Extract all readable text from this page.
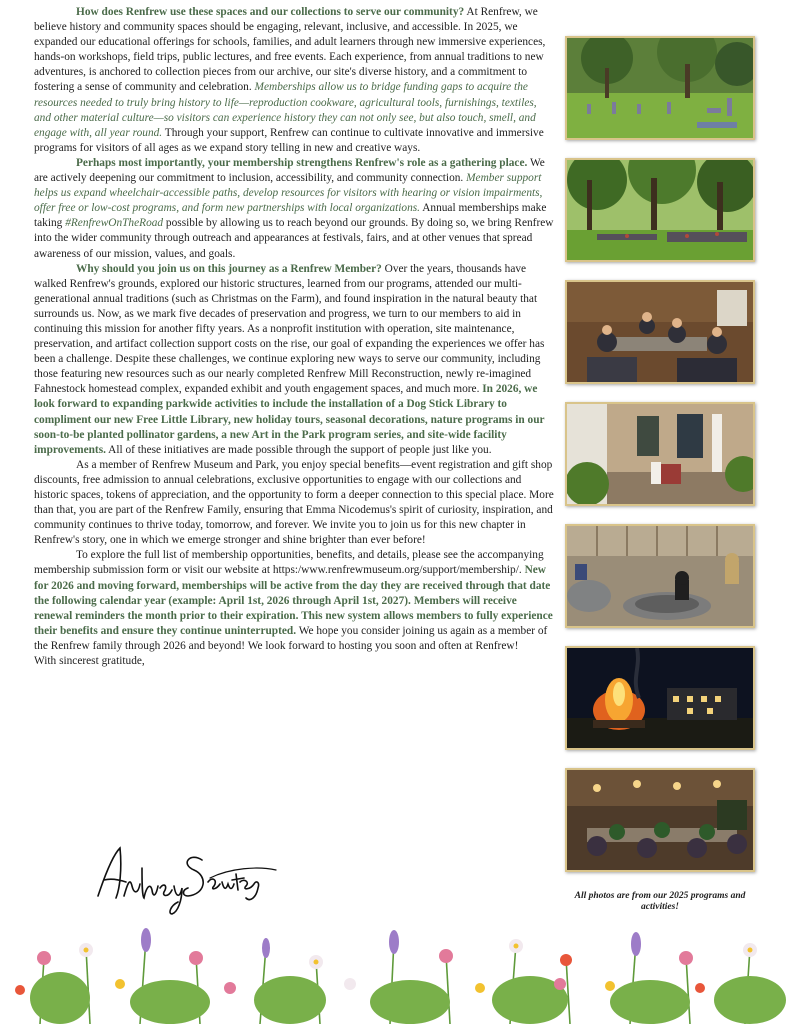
How does Renfrew use these spaces and our collections to serve our community? At Renfrew, we believe history and community spaces should be engaging, relevant, inclusive, and accessible. In 2025, we expanded our educational offerings for schools, families, and adult learners through new immersive experiences, hands-on workshops, field trips, public lectures, and free events. Each experience, from annual traditions to new adventures, is anchored to collection pieces from our archive, our site's diverse history, and a commitment to fostering a sense of community and celebration. Memberships allow us to bridge funding gaps to acquire the resources needed to truly bring history to life—reproduction cookware, agricultural tools, furnishings, textiles, and other material culture—so visitors can experience history they can not only see, but also touch, smell, and engage with, all year round. Through your support, Renfrew can continue to cultivate innovative and immersive programs for visitors of all ages as we expand story telling in new and creative ways.

Perhaps most importantly, your membership strengthens Renfrew's role as a gathering place. We are actively deepening our commitment to inclusion, accessibility, and community connection. Member support helps us expand wheelchair-accessible paths, develop resources for visitors with hearing or vision impairments, offer free or low-cost programs, and form new partnerships with local organizations. Annual memberships make taking #RenfrewOnTheRoad possible by allowing us to reach beyond our grounds. By doing so, we bring Renfrew into the wider community through outreach and appearances at festivals, fairs, and at other venues that spread awareness of our mission, values, and goals.

Why should you join us on this journey as a Renfrew Member? Over the years, thousands have walked Renfrew's grounds, explored our historic structures, learned from our programs, attended our multi-generational annual traditions (such as Christmas on the Farm), and found inspiration in the natural beauty that surrounds us. Now, as we mark five decades of preservation and progress, we turn to our members to aid in continuing this mission for another fifty years. As a nonprofit institution with operation, site maintenance, preservation, and artifact collection support costs on the rise, our goal of expanding the experiences we offer has been a challenge. Despite these challenges, we continue exploring new ways to serve our community, including those featuring new resources such as our nearly completed Renfrew Mill Reconstruction, newly re-imagined Fahnestock homestead complex, expanded exhibit and youth engagement spaces, and much more. In 2026, we look forward to expanding parkwide activities to include the installation of a Dog Stick Library to compliment our new Free Little Library, new holiday tours, seasonal decorations, nature programs in our soon-to-be planted pollinator gardens, a new Art in the Park program series, and site-wide facility improvements. All of these initiatives are made possible through the support of people just like you.

As a member of Renfrew Museum and Park, you enjoy special benefits—event registration and gift shop discounts, free admission to annual celebrations, exclusive opportunities to engage with our collections and historic spaces, tokens of appreciation, and the opportunity to form a deeper connection to this special place. More than that, you are part of the Renfrew Family, ensuring that Emma Nicodemus's spirit of curiosity, inspiration, and community continues to thrive today, tomorrow, and forever. We invite you to join us for this new chapter in Renfrew's story, one in which we emerge stronger and shine brighter than ever before!

To explore the full list of membership opportunities, benefits, and details, please see the accompanying membership submission form or visit our website at https:/www.renfrewmuseum.org/support/membership/. New for 2026 and moving forward, memberships will be active from the day they are received through that date the following calendar year (example: April 1st, 2026 through April 1st, 2027). Members will receive renewal reminders the month prior to their expiration. This new system allows members to fully experience their benefits and ensure they continue uninterrupted. We hope you consider joining us again as a member of the Renfrew family through 2026 and beyond! We look forward to hosting you soon and often at Renfrew!

With sincerest gratitude,

All photos are from our 2025 programs and activities!
